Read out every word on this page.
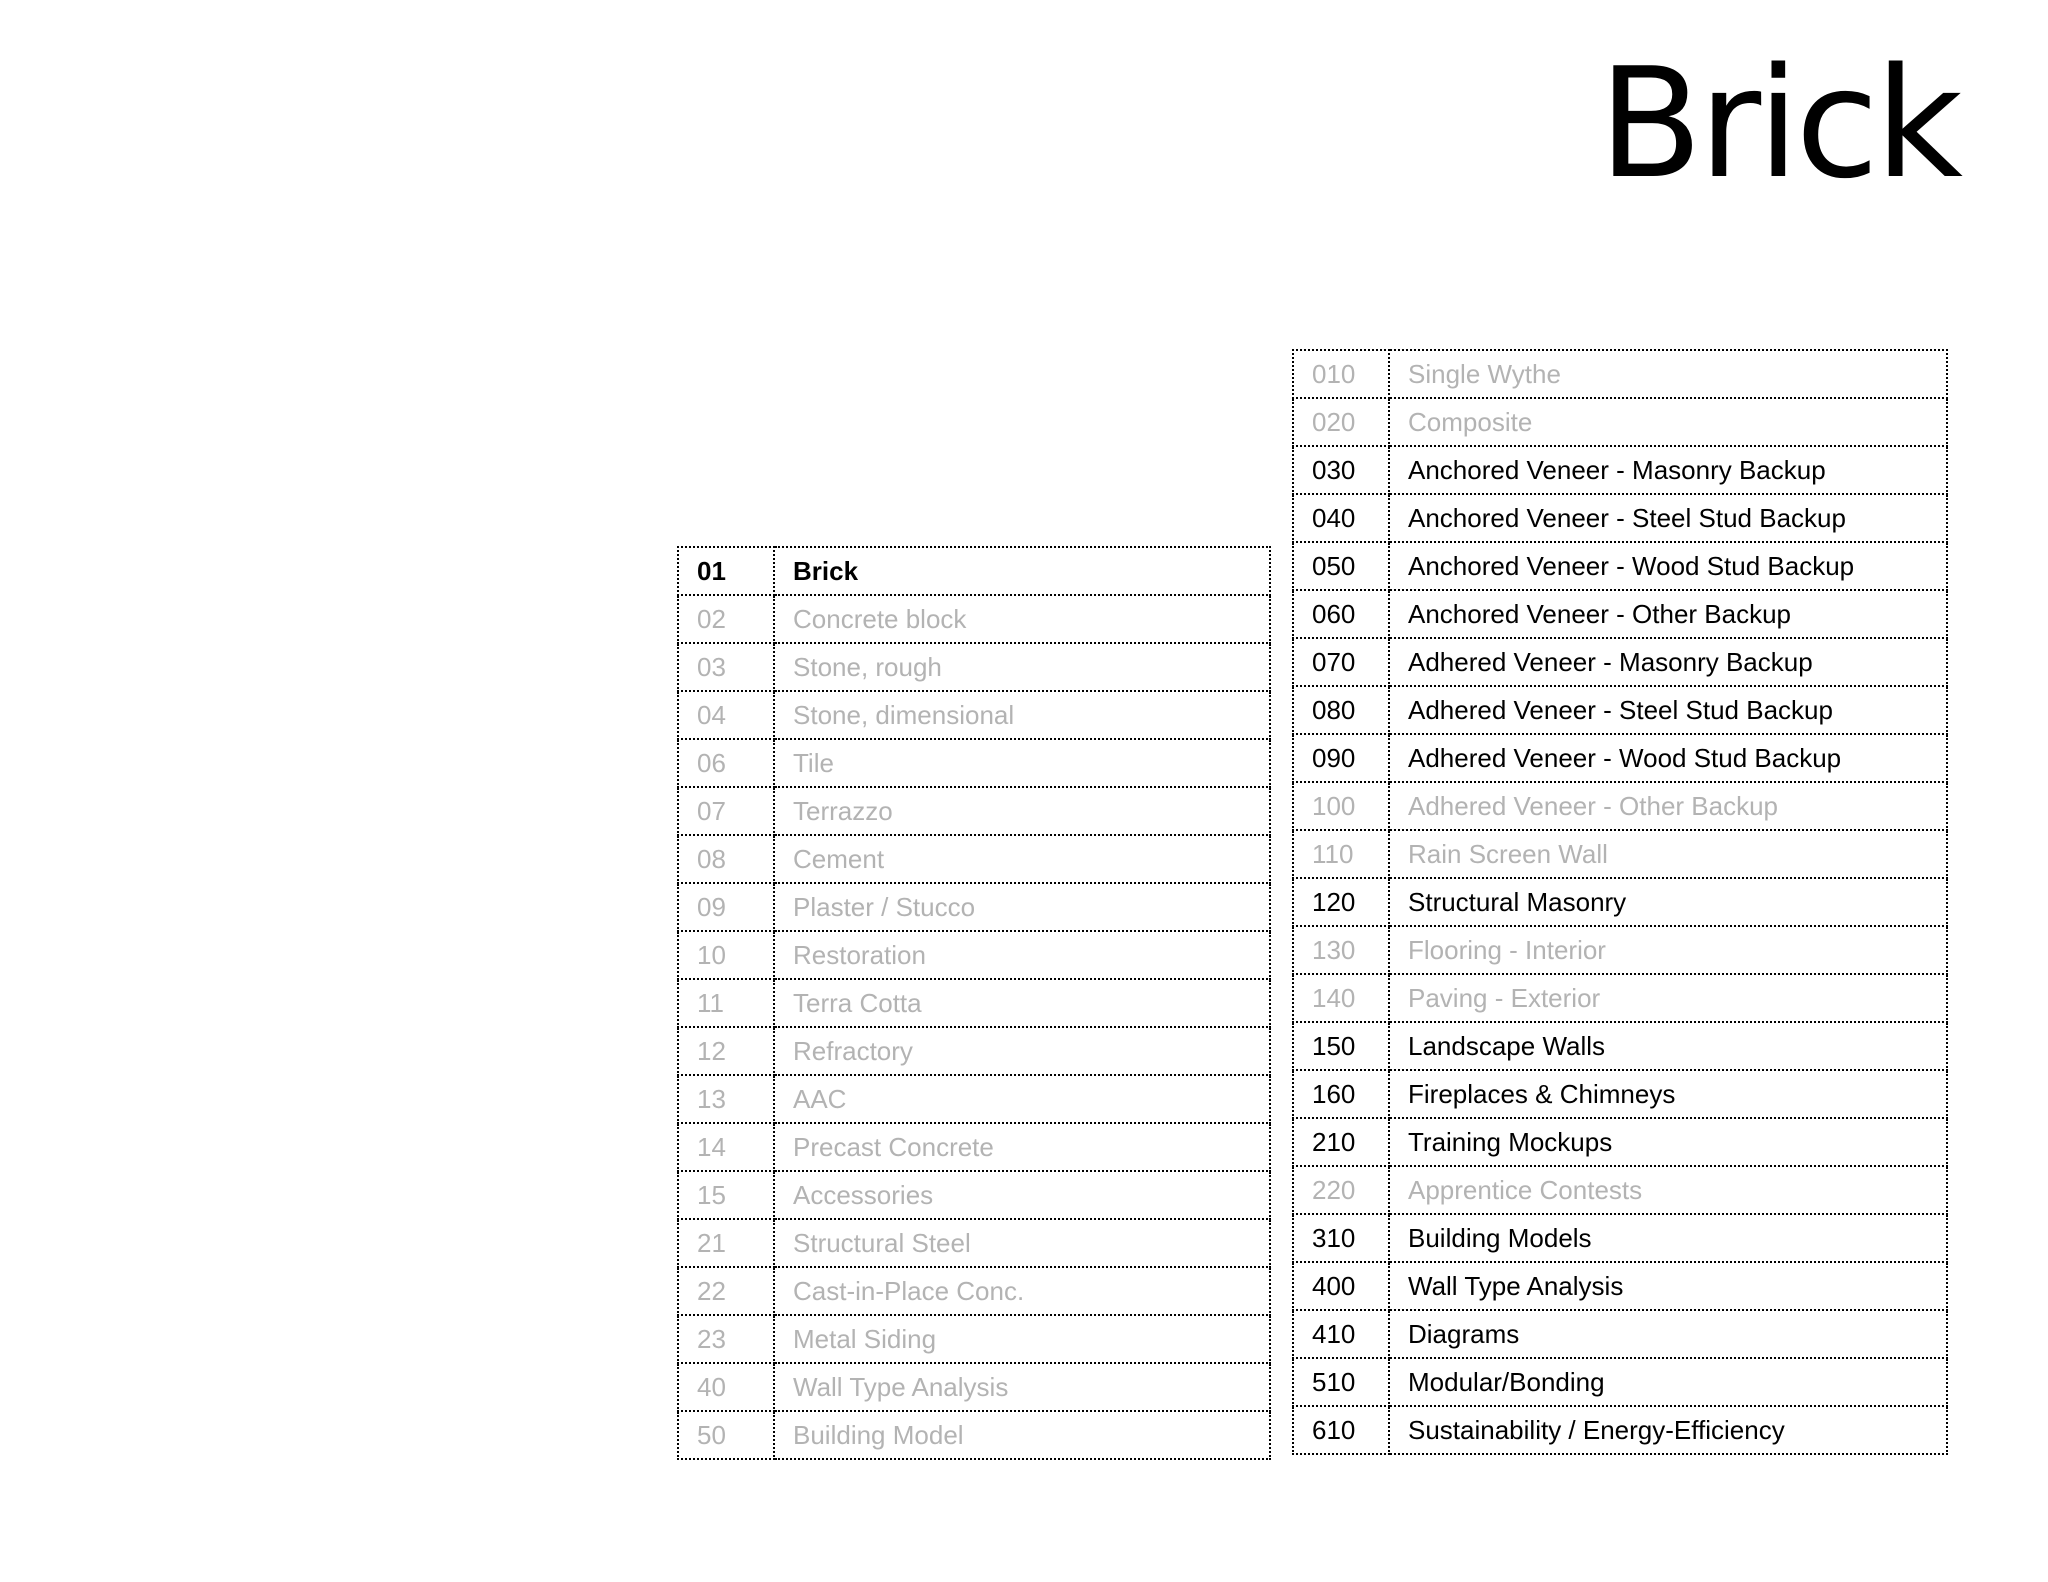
Brick
01	Brick
02	Concrete block
03	Stone, rough
04	Stone, dimensional
06	Tile
07	Terrazzo
08	Cement
09	Plaster / Stucco
10	Restoration
11	Terra Cotta
12	Refractory
13	AAC
14	Precast Concrete
15	Accessories
21	Structural Steel
22	Cast-in-Place Conc.
23	Metal Siding
40	Wall Type Analysis
50	Building Model
010	Single Wythe
020	Composite
030	Anchored Veneer - Masonry Backup
040	Anchored Veneer - Steel Stud Backup
050	Anchored Veneer - Wood Stud Backup
060	Anchored Veneer - Other Backup
070	Adhered Veneer - Masonry Backup
080	Adhered Veneer - Steel Stud Backup
090	Adhered Veneer - Wood Stud Backup
100	Adhered Veneer - Other Backup
110	Rain Screen Wall
120	Structural Masonry
130	Flooring - Interior
140	Paving - Exterior
150	Landscape Walls
160	Fireplaces & Chimneys
210	Training Mockups
220	Apprentice Contests
310	Building Models
400	Wall Type Analysis
410	Diagrams
510	Modular/Bonding
610	Sustainability / Energy-Efficiency
